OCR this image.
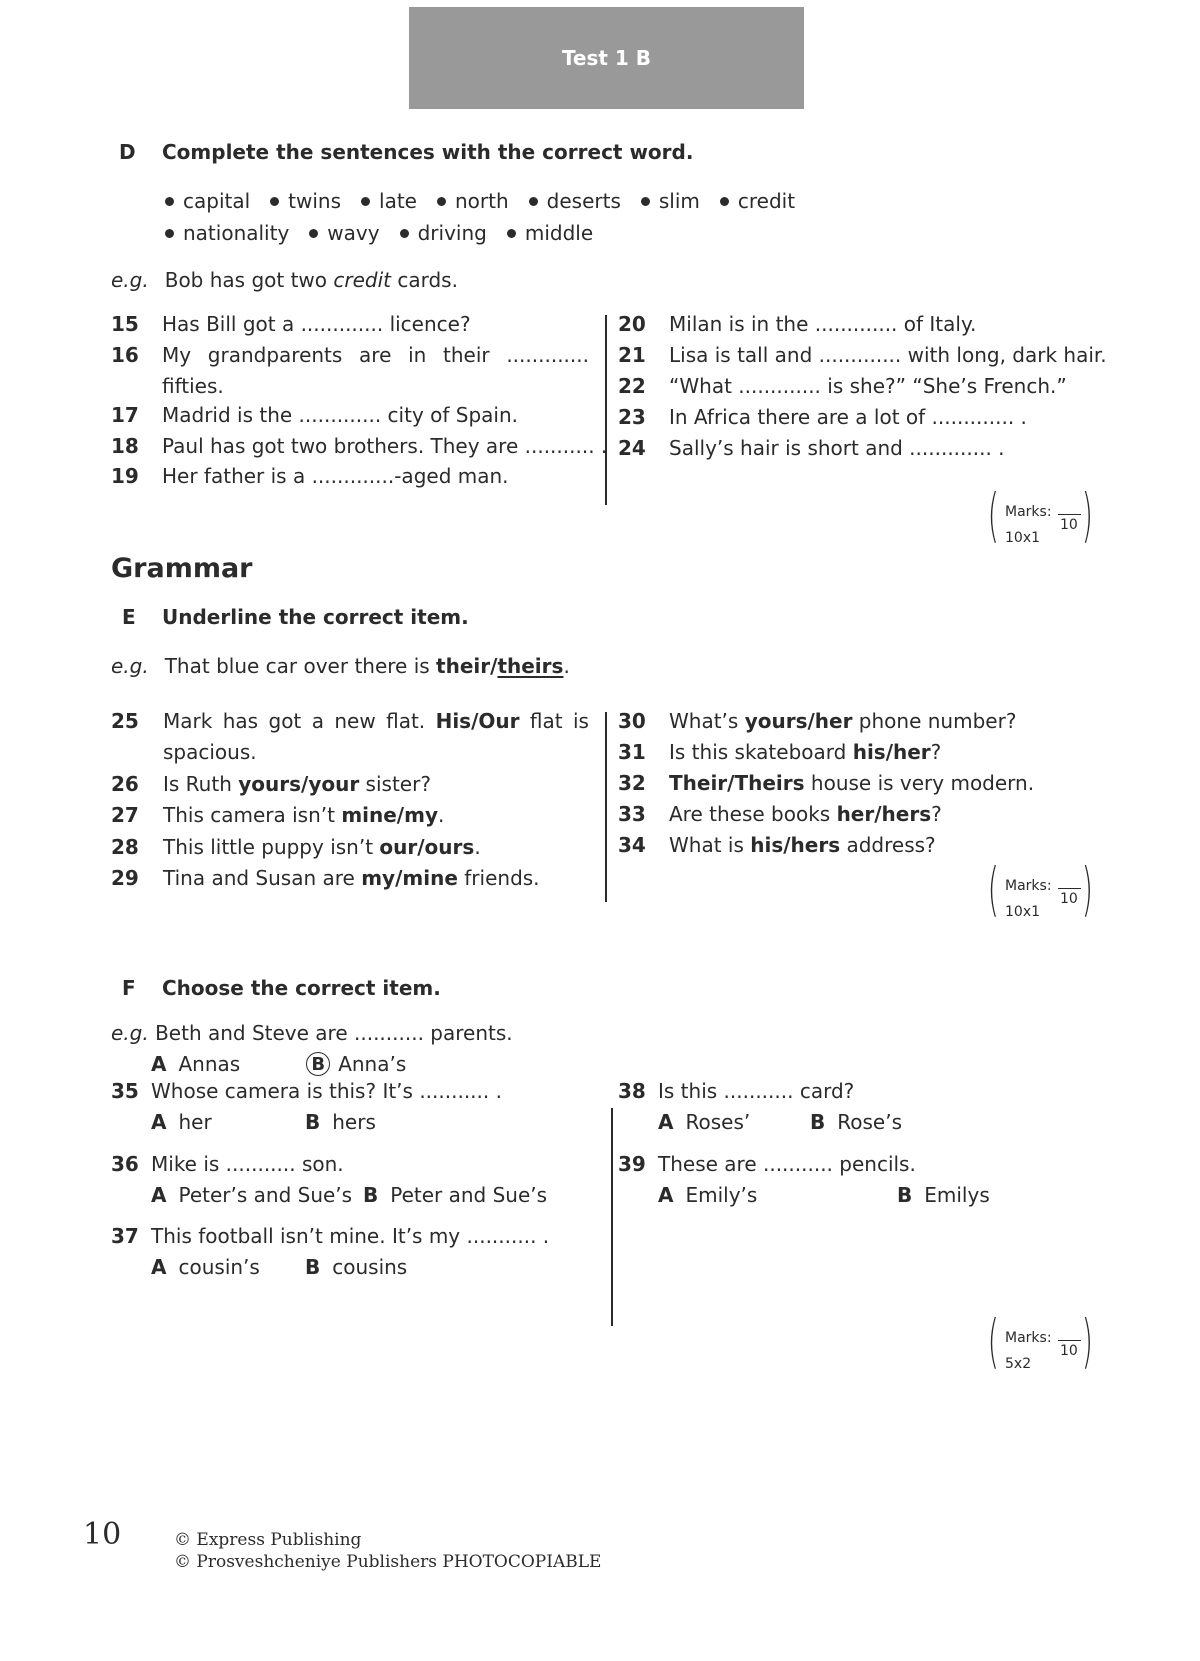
Test 1 B
D Complete the sentences with the correct word.
capital twins late north deserts slim credit
nationality wavy driving middle
e.g. Bob has got two credit cards.
15 Has Bill got a ............. licence?
16 My grandparents are in their .............
fifties.
17 Madrid is the ............. city of Spain.
18 Paul has got two brothers. They are ........... .
19 Her father is a .............-aged man.
20 Milan is in the ............. of Italy.
21 Lisa is tall and ............. with long, dark hair.
22 “What ............. is she?” “She’s French.”
23 In Africa there are a lot of ............. .
24 Sally’s hair is short and ............. .
( Marks:
10x1
10 )
Grammar
E Underline the correct item.
e.g. That blue car over there is their/theirs.
25 Mark has got a new flat. His/Our flat is
spacious.
26 Is Ruth yours/your sister?
27 This camera isn’t mine/my.
28 This little puppy isn’t our/ours.
29 Tina and Susan are my/mine friends.
30 What’s yours/her phone number?
31 Is this skateboard his/her?
32 Their/Theirs house is very modern.
33 Are these books her/hers?
34 What is his/hers address?
( Marks:
10x1
10 )
F Choose the correct item.
e.g. Beth and Steve are ........... parents.
A Annas	B Anna’s
35 Whose camera is this? It’s ........... .
A her	B hers
36 Mike is ........... son.
A Peter’s and Sue’s B Peter and Sue’s
37 This football isn’t mine. It’s my ........... .
A cousin’s B cousins
38 Is this ........... card?
A Roses’	B Rose’s
39 These are ........... pencils.
A Emily’s	B Emilys
( Marks:
5x2
10 )
10	© Express Publishing
© Prosveshcheniye Publishers PHOTOCOPIABLE
